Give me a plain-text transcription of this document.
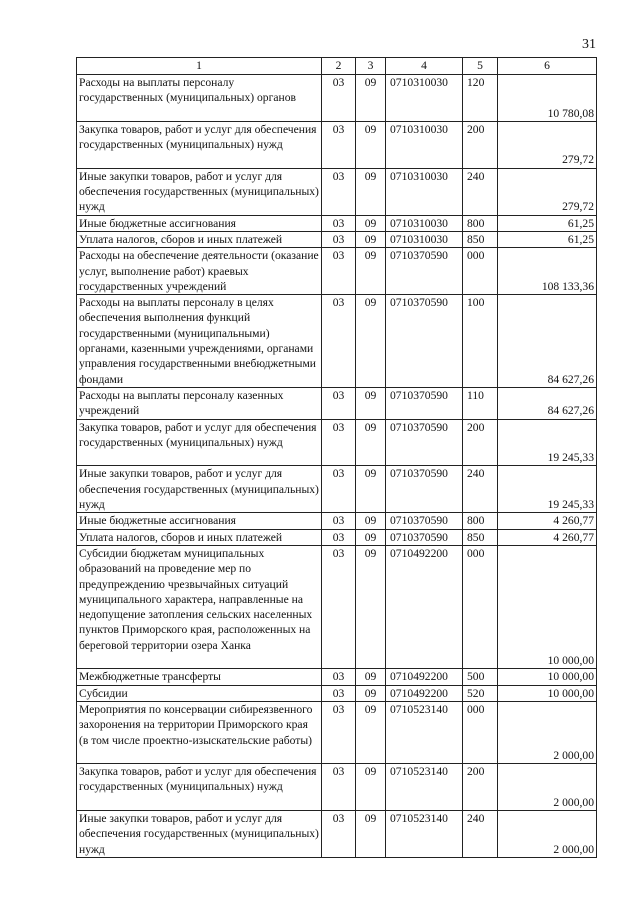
31
1	2	3	4	5	6
Расходы на выплаты персоналу государственных (муниципальных) органов	03	09	0710310030	120	10 780,08
Закупка товаров, работ и услуг для обеспечения государственных (муниципальных) нужд	03	09	0710310030	200	279,72
Иные закупки товаров, работ и услуг для обеспечения государственных (муниципальных) нужд	03	09	0710310030	240	279,72
Иные бюджетные ассигнования	03	09	0710310030	800	61,25
Уплата налогов, сборов и иных платежей	03	09	0710310030	850	61,25
Расходы на обеспечение деятельности (оказание услуг, выполнение работ) краевых государственных учреждений	03	09	0710370590	000	108 133,36
Расходы на выплаты персоналу в целях обеспечения выполнения функций государственными (муниципальными) органами, казенными учреждениями, органами управления государственными внебюджетными фондами	03	09	0710370590	100	84 627,26
Расходы на выплаты персоналу казенных учреждений	03	09	0710370590	110	84 627,26
Закупка товаров, работ и услуг для обеспечения государственных (муниципальных) нужд	03	09	0710370590	200	19 245,33
Иные закупки товаров, работ и услуг для обеспечения государственных (муниципальных) нужд	03	09	0710370590	240	19 245,33
Иные бюджетные ассигнования	03	09	0710370590	800	4 260,77
Уплата налогов, сборов и иных платежей	03	09	0710370590	850	4 260,77
Субсидии бюджетам муниципальных образований на проведение мер по предупреждению чрезвычайных ситуаций муниципального характера, направленные на недопущение затопления сельских населенных пунктов Приморского края, расположенных на береговой территории озера Ханка	03	09	0710492200	000	10 000,00
Межбюджетные трансферты	03	09	0710492200	500	10 000,00
Субсидии	03	09	0710492200	520	10 000,00
Мероприятия по консервации сибиреязвенного захоронения на территории Приморского края (в том числе проектно-изыскательские работы)	03	09	0710523140	000	2 000,00
Закупка товаров, работ и услуг для обеспечения государственных (муниципальных) нужд	03	09	0710523140	200	2 000,00
Иные закупки товаров, работ и услуг для обеспечения государственных (муниципальных) нужд	03	09	0710523140	240	2 000,00
